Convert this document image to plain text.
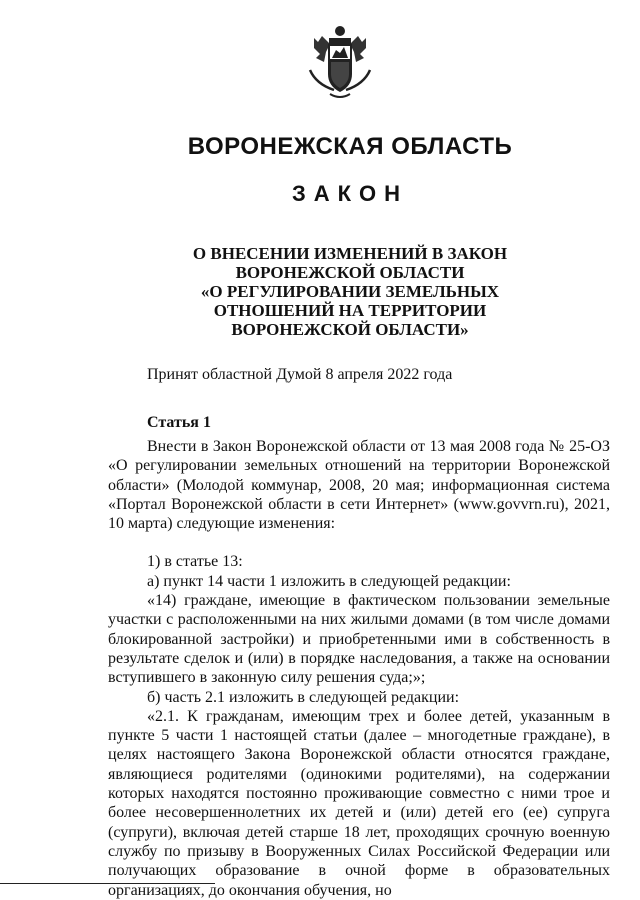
ВОРОНЕЖСКАЯ ОБЛАСТЬ
ЗАКОН
О ВНЕСЕНИИ ИЗМЕНЕНИЙ В ЗАКОН
ВОРОНЕЖСКОЙ ОБЛАСТИ
«О РЕГУЛИРОВАНИИ ЗЕМЕЛЬНЫХ
ОТНОШЕНИЙ НА ТЕРРИТОРИИ
ВОРОНЕЖСКОЙ ОБЛАСТИ»
Принят областной Думой 8 апреля 2022 года
Статья 1

Внести в Закон Воронежской области от 13 мая 2008 года № 25-ОЗ «О регулировании земельных отношений на территории Воронежской области» (Молодой коммунар, 2008, 20 мая; информационная система «Портал Воронежской области в сети Интернет» (www.govvrn.ru), 2021, 10 марта) следующие изменения:

1) в статье 13:

а) пункт 14 части 1 изложить в следующей редакции:

«14) граждане, имеющие в фактическом пользовании земельные участки с расположенными на них жилыми домами (в том числе домами блокированной застройки) и приобретенными ими в собственность в результате сделок и (или) в порядке наследования, а также на основании вступившего в законную силу решения суда;»;

б) часть 2.1 изложить в следующей редакции:

«2.1. К гражданам, имеющим трех и более детей, указанным в пункте 5 части 1 настоящей статьи (далее – многодетные граждане), в целях настоящего Закона Воронежской области относятся граждане, являющиеся родителями (одинокими родителями), на содержании которых находятся постоянно проживающие совместно с ними трое и более несовершеннолетних их детей и (или) детей его (ее) супруга (супруги), включая детей старше 18 лет, проходящих срочную военную службу по призыву в Вооруженных Силах Российской Федерации или получающих образование в очной форме в образовательных организациях, до окончания обучения, но
